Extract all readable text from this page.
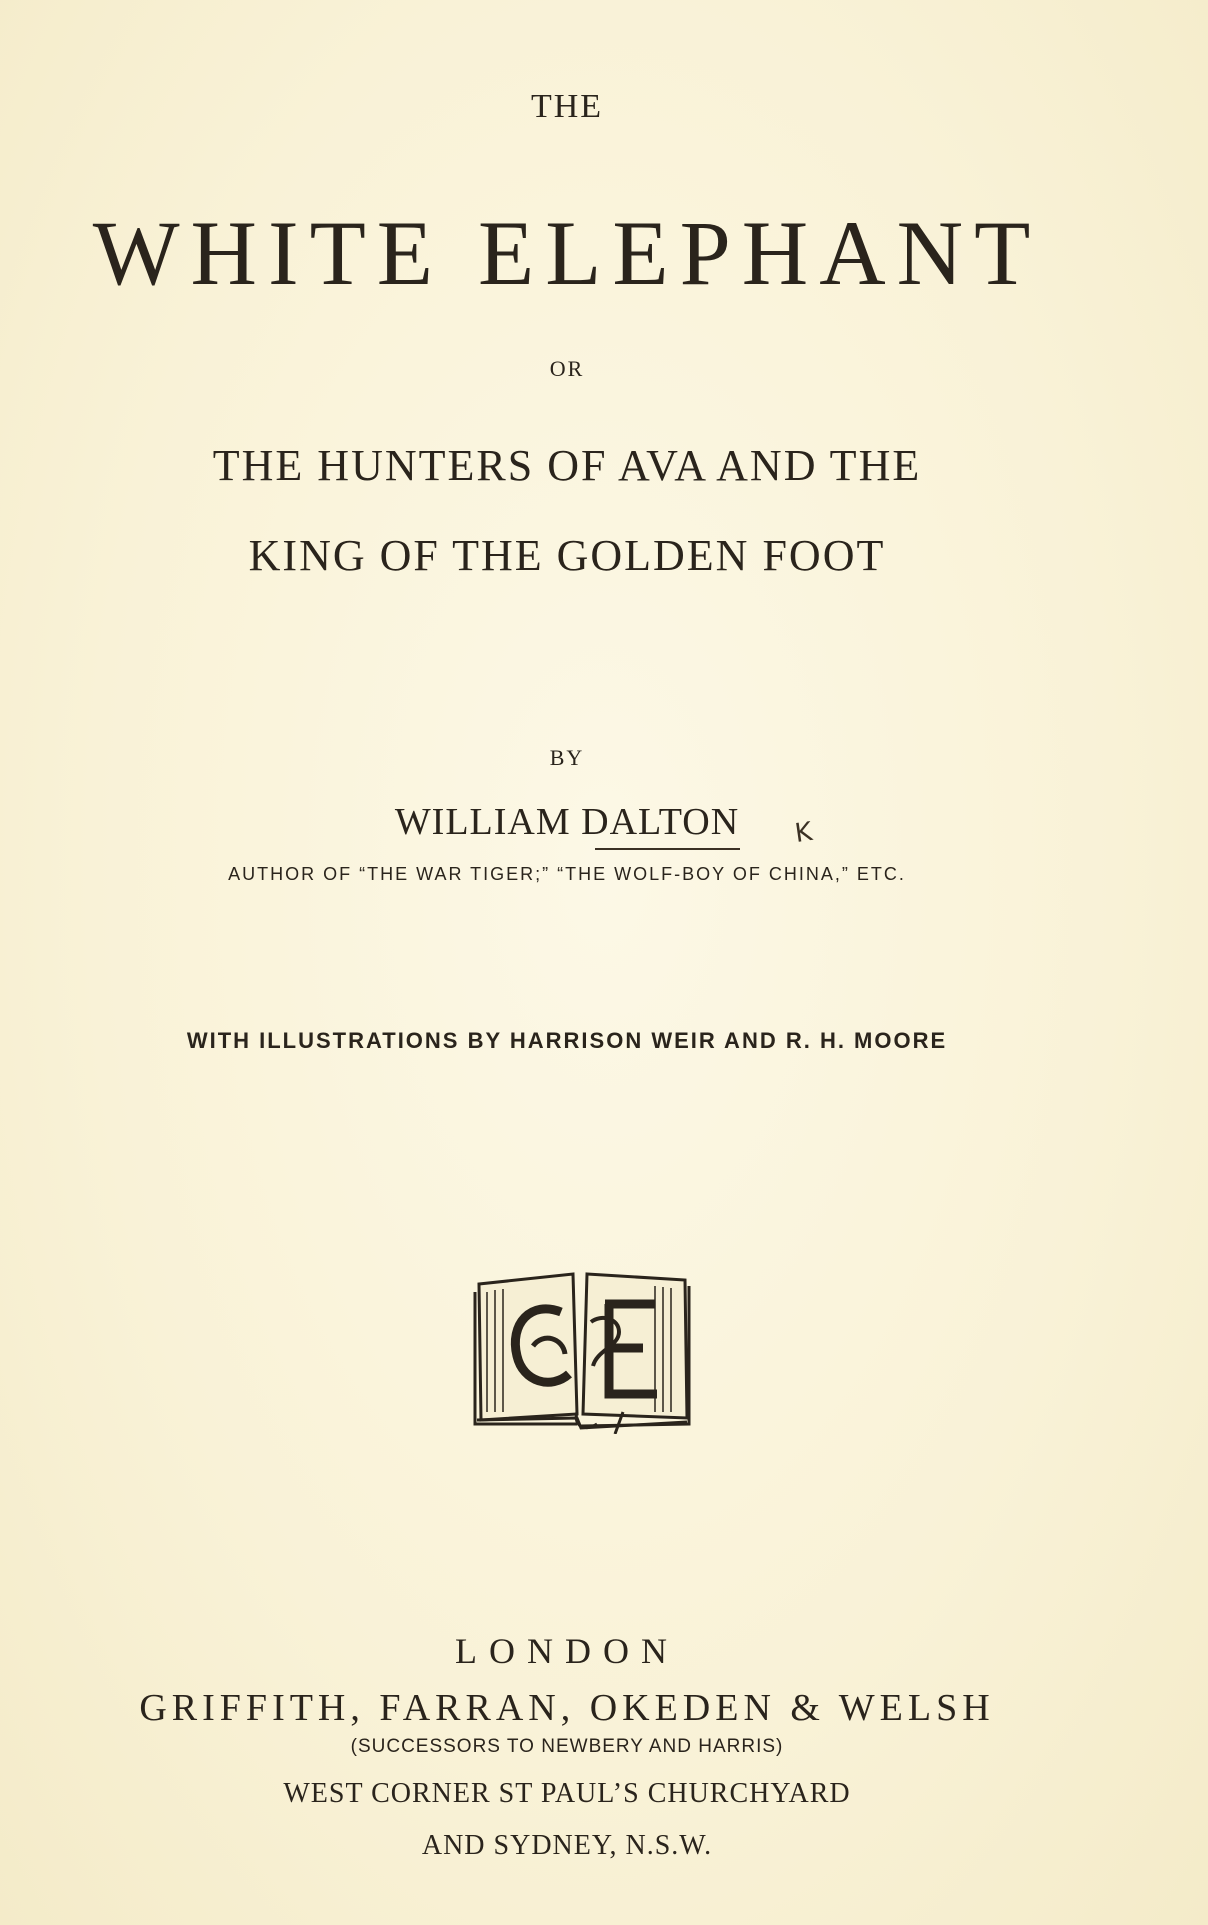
THE
WHITE ELEPHANT
OR
THE HUNTERS OF AVA AND THE
KING OF THE GOLDEN FOOT
BY
WILLIAM DALTON	K
AUTHOR OF “THE WAR TIGER;” “THE WOLF-BOY OF CHINA,” ETC.
WITH ILLUSTRATIONS BY HARRISON WEIR AND R. H. MOORE
LONDON
GRIFFITH, FARRAN, OKEDEN & WELSH
(SUCCESSORS TO NEWBERY AND HARRIS)
WEST CORNER ST PAUL’S CHURCHYARD
AND SYDNEY, N.S.W.
